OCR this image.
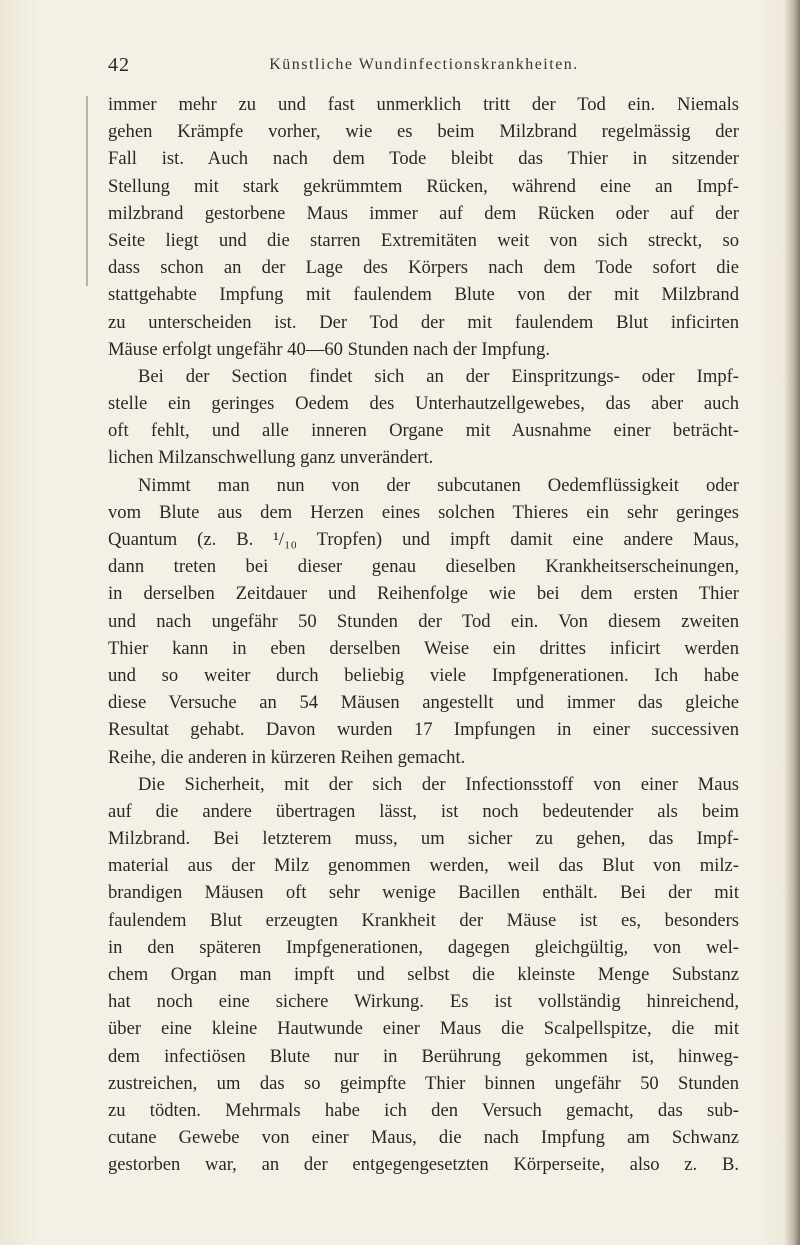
42	Künstliche Wundinfectionskrankheiten.
immer mehr zu und fast unmerklich tritt der Tod ein. Niemals
gehen Krämpfe vorher, wie es beim Milzbrand regelmässig der
Fall ist. Auch nach dem Tode bleibt das Thier in sitzender
Stellung mit stark gekrümmtem Rücken, während eine an Impf-
milzbrand gestorbene Maus immer auf dem Rücken oder auf der
Seite liegt und die starren Extremitäten weit von sich streckt, so
dass schon an der Lage des Körpers nach dem Tode sofort die
stattgehabte Impfung mit faulendem Blute von der mit Milzbrand
zu unterscheiden ist. Der Tod der mit faulendem Blut inficirten
Mäuse erfolgt ungefähr 40—60 Stunden nach der Impfung.
Bei der Section findet sich an der Einspritzungs- oder Impf-
stelle ein geringes Oedem des Unterhautzellgewebes, das aber auch
oft fehlt, und alle inneren Organe mit Ausnahme einer beträcht-
lichen Milzanschwellung ganz unverändert.
Nimmt man nun von der subcutanen Oedemflüssigkeit oder
vom Blute aus dem Herzen eines solchen Thieres ein sehr geringes
Quantum (z. B. ¹/₁₀ Tropfen) und impft damit eine andere Maus,
dann treten bei dieser genau dieselben Krankheitserscheinungen,
in derselben Zeitdauer und Reihenfolge wie bei dem ersten Thier
und nach ungefähr 50 Stunden der Tod ein. Von diesem zweiten
Thier kann in eben derselben Weise ein drittes inficirt werden
und so weiter durch beliebig viele Impfgenerationen. Ich habe
diese Versuche an 54 Mäusen angestellt und immer das gleiche
Resultat gehabt. Davon wurden 17 Impfungen in einer successiven
Reihe, die anderen in kürzeren Reihen gemacht.
Die Sicherheit, mit der sich der Infectionsstoff von einer Maus
auf die andere übertragen lässt, ist noch bedeutender als beim
Milzbrand. Bei letzterem muss, um sicher zu gehen, das Impf-
material aus der Milz genommen werden, weil das Blut von milz-
brandigen Mäusen oft sehr wenige Bacillen enthält. Bei der mit
faulendem Blut erzeugten Krankheit der Mäuse ist es, besonders
in den späteren Impfgenerationen, dagegen gleichgültig, von wel-
chem Organ man impft und selbst die kleinste Menge Substanz
hat noch eine sichere Wirkung. Es ist vollständig hinreichend,
über eine kleine Hautwunde einer Maus die Scalpellspitze, die mit
dem infectiösen Blute nur in Berührung gekommen ist, hinweg-
zustreichen, um das so geimpfte Thier binnen ungefähr 50 Stunden
zu tödten. Mehrmals habe ich den Versuch gemacht, das sub-
cutane Gewebe von einer Maus, die nach Impfung am Schwanz
gestorben war, an der entgegengesetzten Körperseite, also z. B.
